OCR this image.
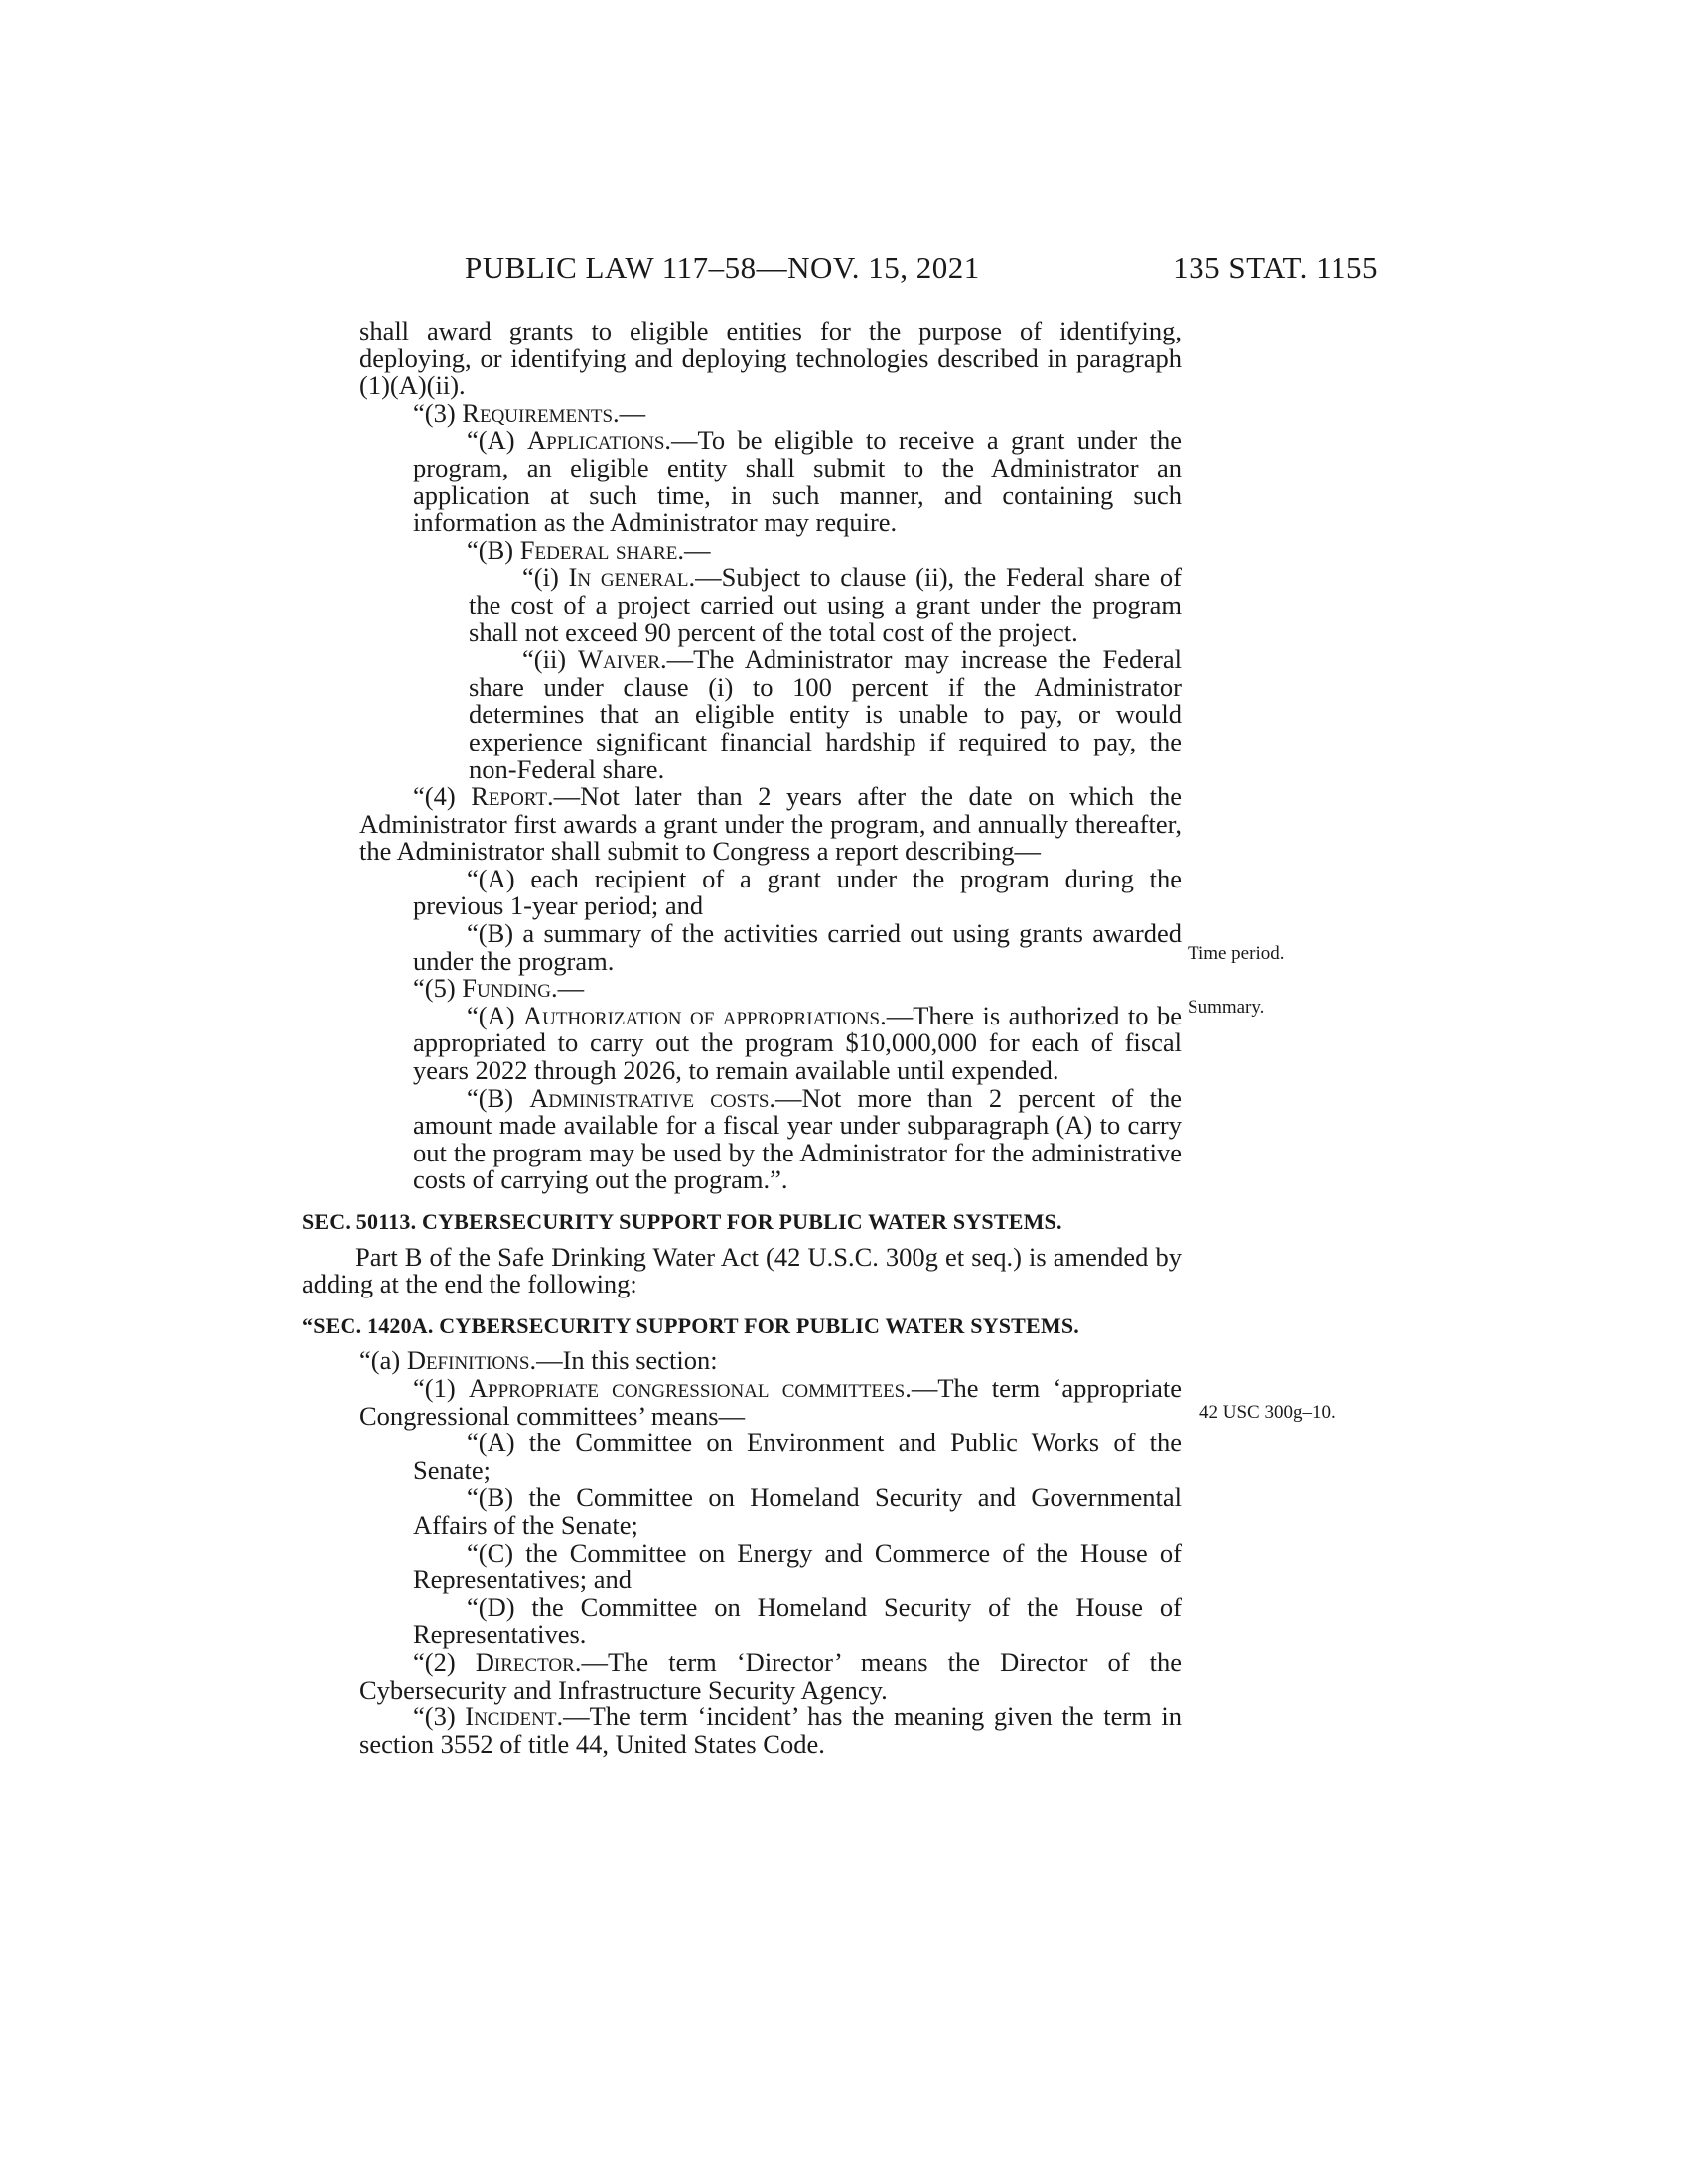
PUBLIC LAW 117–58—NOV. 15, 2021	135 STAT. 1155
Time period.
Summary.
42 USC 300g–10.

shall award grants to eligible entities for the purpose of identifying, deploying, or identifying and deploying technologies described in paragraph (1)(A)(ii).

“(3) Requirements.—

“(A) Applications.—To be eligible to receive a grant under the program, an eligible entity shall submit to the Administrator an application at such time, in such manner, and containing such information as the Administrator may require.

“(B) Federal share.—

“(i) In general.—Subject to clause (ii), the Federal share of the cost of a project carried out using a grant under the program shall not exceed 90 percent of the total cost of the project.

“(ii) Waiver.—The Administrator may increase the Federal share under clause (i) to 100 percent if the Administrator determines that an eligible entity is unable to pay, or would experience significant financial hardship if required to pay, the non-Federal share.

“(4) Report.—Not later than 2 years after the date on which the Administrator first awards a grant under the program, and annually thereafter, the Administrator shall submit to Congress a report describing—

“(A) each recipient of a grant under the program during the previous 1-year period; and

“(B) a summary of the activities carried out using grants awarded under the program.

“(5) Funding.—

“(A) Authorization of appropriations.—There is authorized to be appropriated to carry out the program $10,000,000 for each of fiscal years 2022 through 2026, to remain available until expended.

“(B) Administrative costs.—Not more than 2 percent of the amount made available for a fiscal year under subparagraph (A) to carry out the program may be used by the Administrator for the administrative costs of carrying out the program.”.

SEC. 50113. CYBERSECURITY SUPPORT FOR PUBLIC WATER SYSTEMS.

Part B of the Safe Drinking Water Act (42 U.S.C. 300g et seq.) is amended by adding at the end the following:

“SEC. 1420A. CYBERSECURITY SUPPORT FOR PUBLIC WATER SYSTEMS.

“(a) Definitions.—In this section:

“(1) Appropriate congressional committees.—The term ‘appropriate Congressional committees’ means—

“(A) the Committee on Environment and Public Works of the Senate;

“(B) the Committee on Homeland Security and Governmental Affairs of the Senate;

“(C) the Committee on Energy and Commerce of the House of Representatives; and

“(D) the Committee on Homeland Security of the House of Representatives.

“(2) Director.—The term ‘Director’ means the Director of the Cybersecurity and Infrastructure Security Agency.

“(3) Incident.—The term ‘incident’ has the meaning given the term in section 3552 of title 44, United States Code.
